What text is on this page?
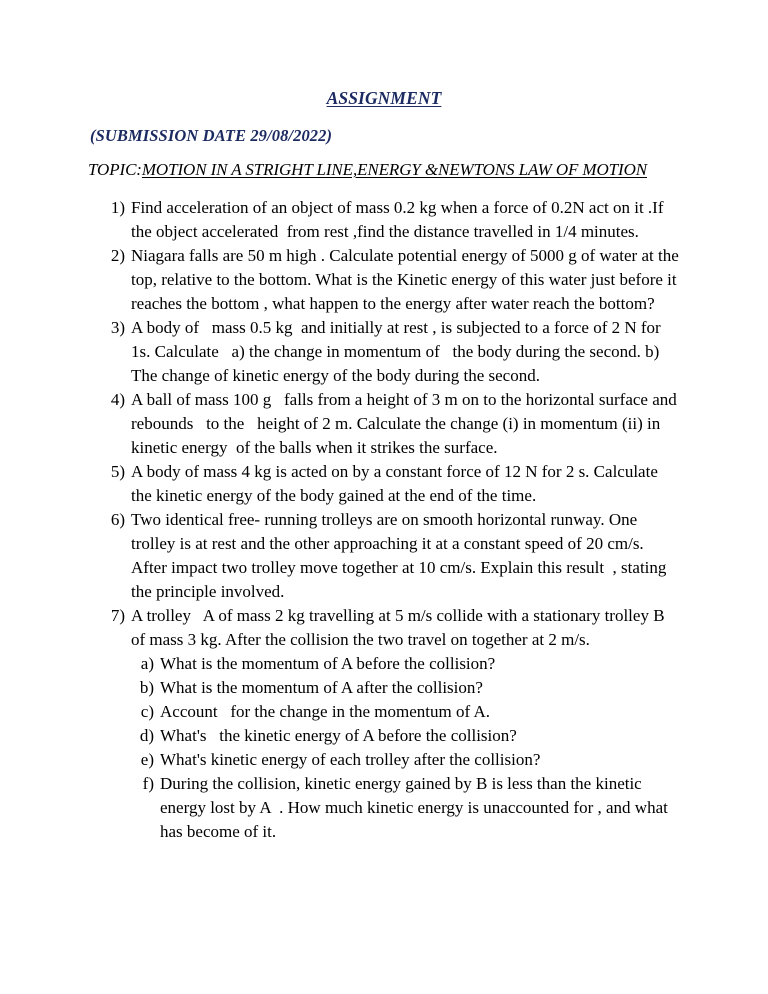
ASSIGNMENT
(SUBMISSION DATE 29/08/2022)
TOPIC:MOTION IN A STRIGHT LINE,ENERGY &NEWTONS LAW OF MOTION
1) Find acceleration of an object of mass 0.2 kg when a force of 0.2N act on it .If the object accelerated  from rest ,find the distance travelled in 1/4 minutes.
2) Niagara falls are 50 m high . Calculate potential energy of 5000 g of water at the top, relative to the bottom. What is the Kinetic energy of this water just before it reaches the bottom , what happen to the energy after water reach the bottom?
3) A body of   mass 0.5 kg  and initially at rest , is subjected to a force of 2 N for 1s. Calculate   a) the change in momentum of   the body during the second. b) The change of kinetic energy of the body during the second.
4) A ball of mass 100 g   falls from a height of 3 m on to the horizontal surface and rebounds   to the   height of 2 m. Calculate the change (i) in momentum (ii) in kinetic energy  of the balls when it strikes the surface.
5) A body of mass 4 kg is acted on by a constant force of 12 N for 2 s. Calculate the kinetic energy of the body gained at the end of the time.
6) Two identical free- running trolleys are on smooth horizontal runway. One trolley is at rest and the other approaching it at a constant speed of 20 cm/s. After impact two trolley move together at 10 cm/s. Explain this result  , stating the principle involved.
7) A trolley   A of mass 2 kg travelling at 5 m/s collide with a stationary trolley B of mass 3 kg. After the collision the two travel on together at 2 m/s.
a) What is the momentum of A before the collision?
b) What is the momentum of A after the collision?
c) Account   for the change in the momentum of A.
d) What's   the kinetic energy of A before the collision?
e) What's kinetic energy of each trolley after the collision?
f) During the collision, kinetic energy gained by B is less than the kinetic energy lost by A  . How much kinetic energy is unaccounted for , and what has become of it.
